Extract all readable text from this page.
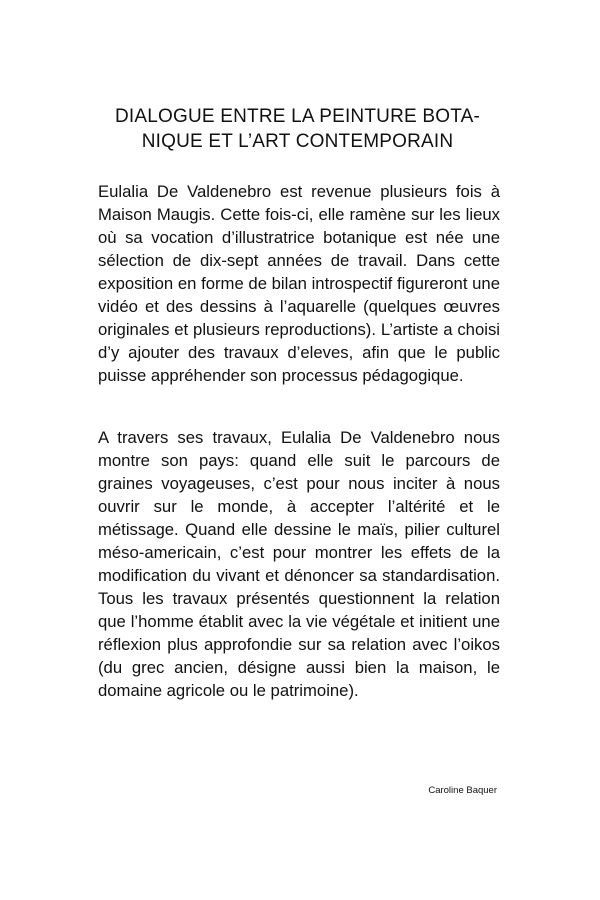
DIALOGUE ENTRE LA PEINTURE BOTA-
NIQUE ET L’ART CONTEMPORAIN

Eulalia De Valdenebro est revenue plusieurs fois à Maison Maugis. Cette fois-ci, elle ramène sur les lieux où sa vocation d’illustratrice botanique est née une sélection de dix-sept années de travail. Dans cette exposition en forme de bilan introspectif figureront une vidéo et des dessins à l’aquarelle (quelques œuvres originales et plusieurs reproductions). L’artiste a choisi d’y ajouter des travaux d’eleves, afin que le public puisse appréhender son processus pédagogique.

A travers ses travaux, Eulalia De Valdenebro nous montre son pays: quand elle suit le parcours de graines voyageuses, c’est pour nous inciter à nous ouvrir sur le monde, à accepter l’altérité et le métissage. Quand elle dessine le maïs, pilier culturel méso-americain, c’est pour montrer les effets de la modification du vivant et dénoncer sa standardisation. Tous les travaux présentés questionnent la relation que l’homme établit avec la vie végétale et initient une réflexion plus approfondie sur sa relation avec l’oikos (du grec ancien, désigne aussi bien la maison, le domaine agricole ou le patrimoine).

Caroline Baquer
